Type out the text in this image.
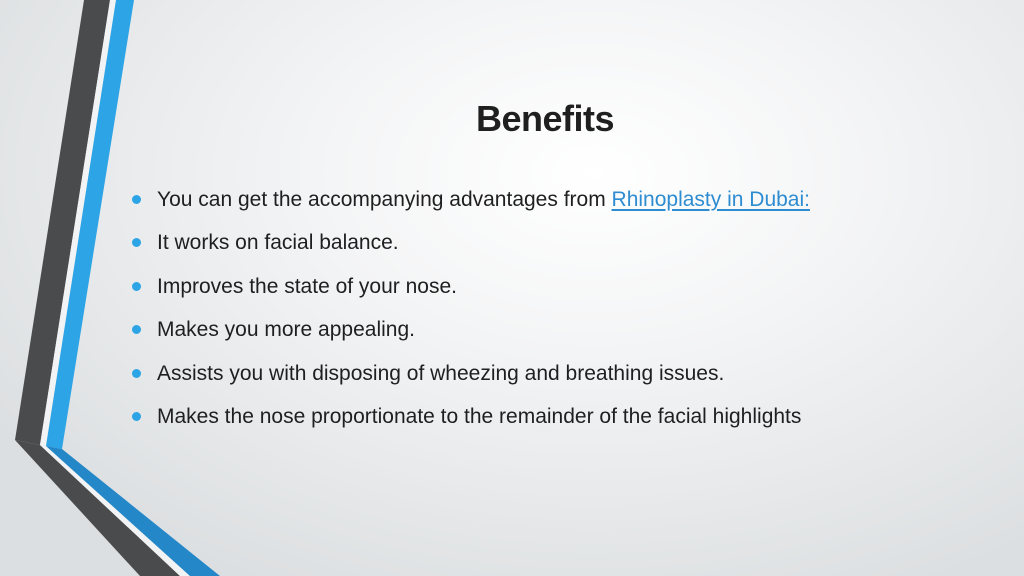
Benefits
You can get the accompanying advantages from Rhinoplasty in Dubai:
It works on facial balance.
Improves the state of your nose.
Makes you more appealing.
Assists you with disposing of wheezing and breathing issues.
Makes the nose proportionate to the remainder of the facial highlights
